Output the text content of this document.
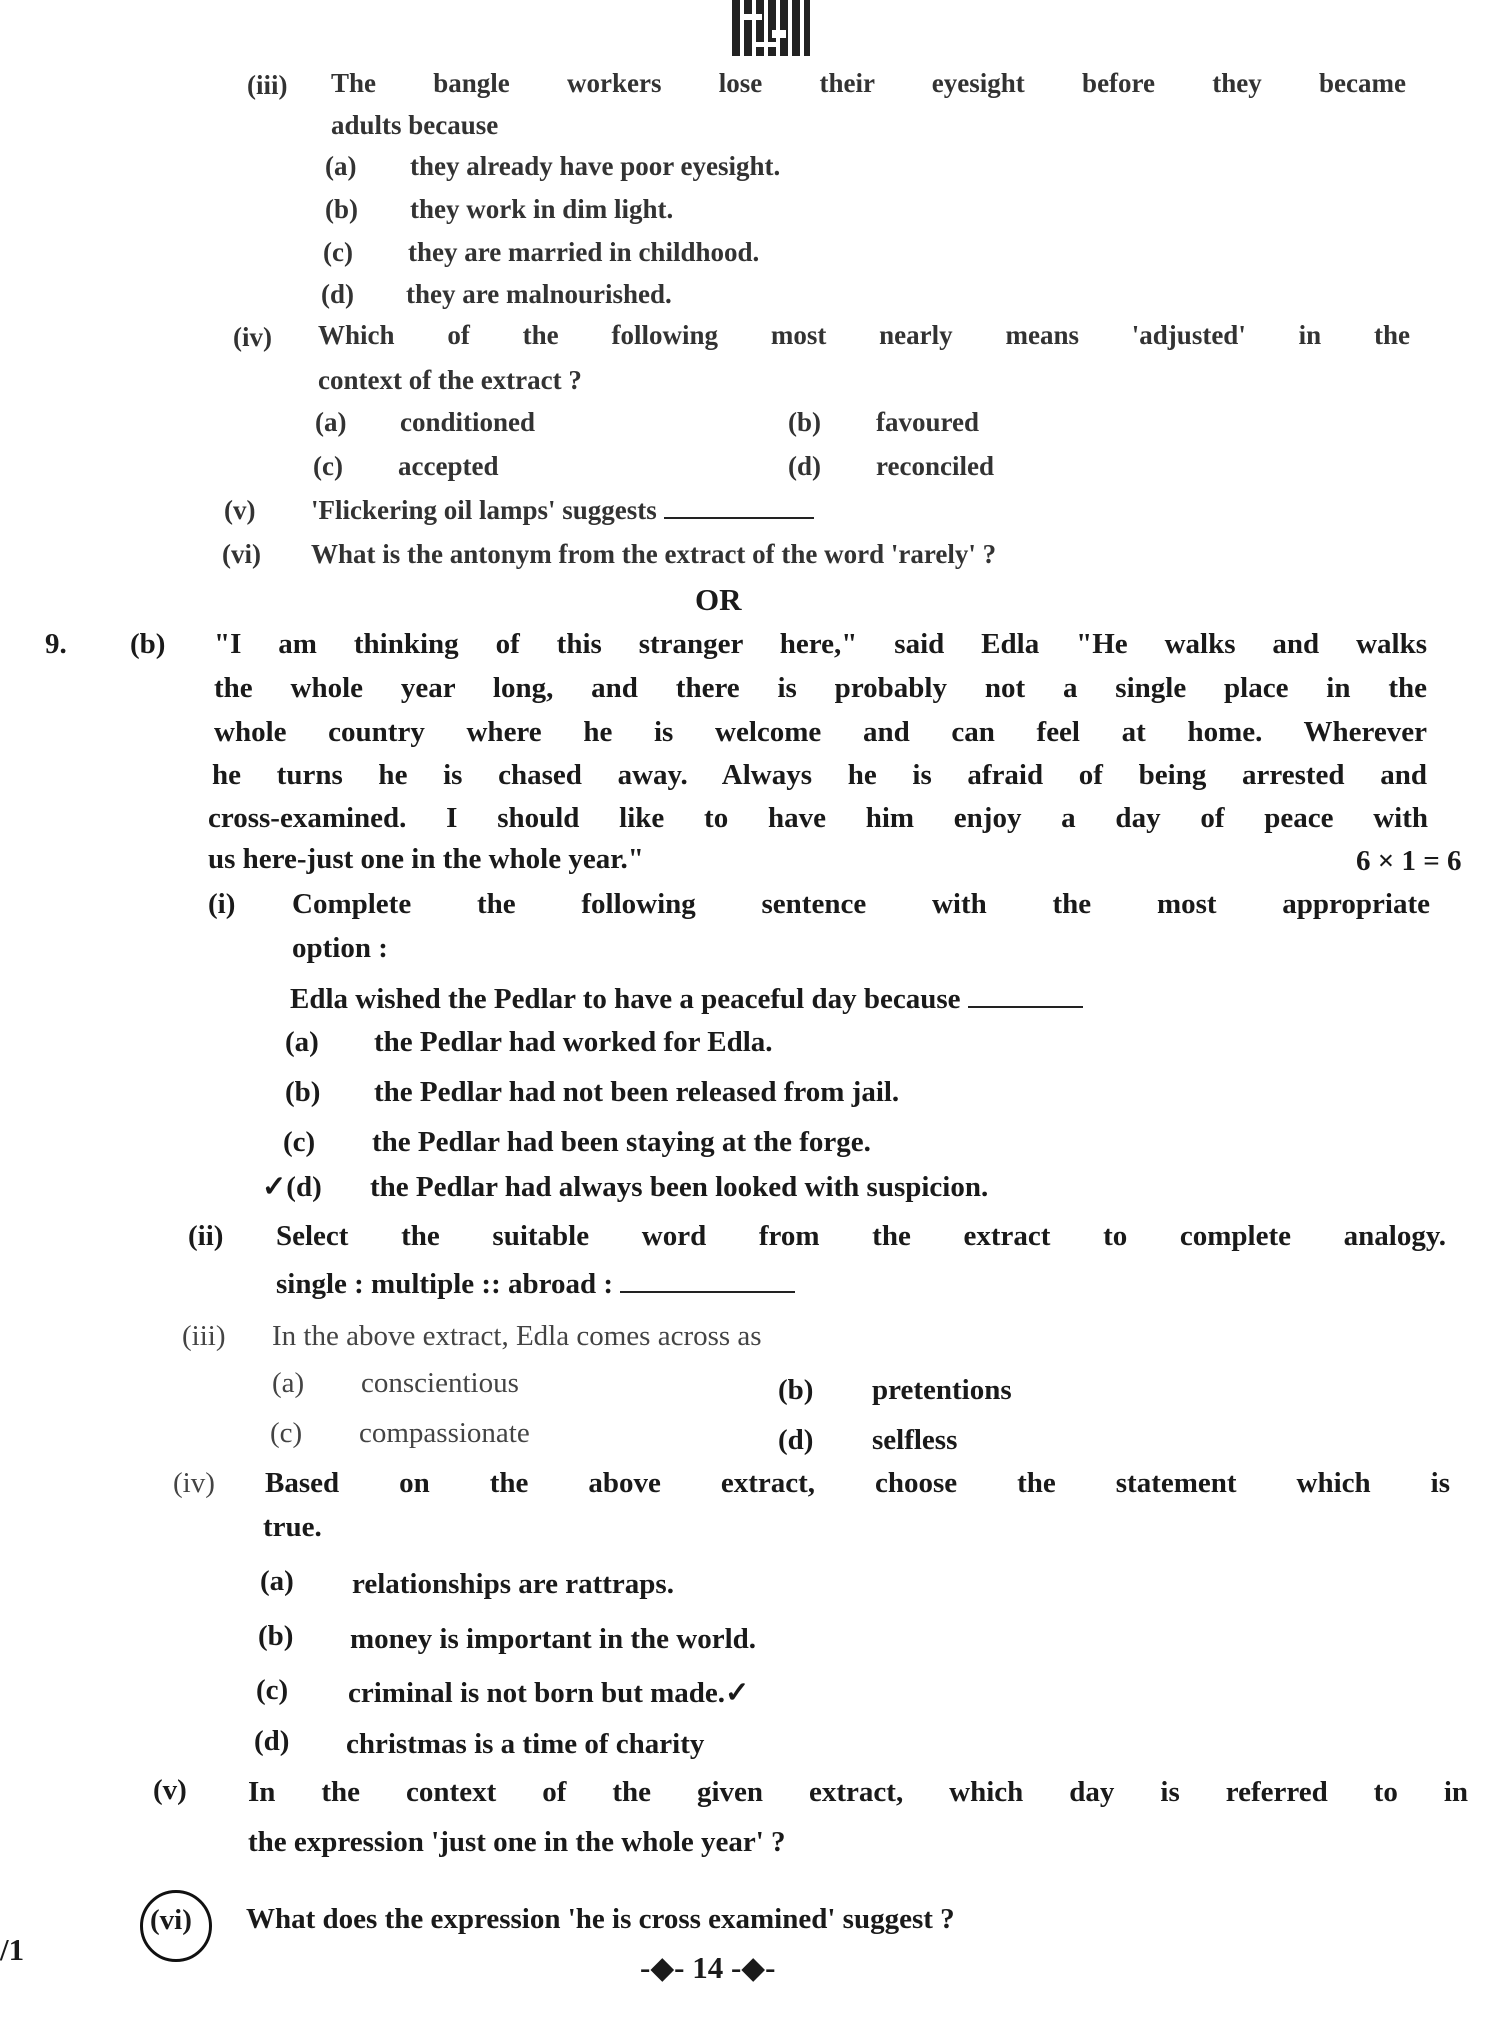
(iii) The bangle workers lose their eyesight before they became
adults because
(a) they already have poor eyesight.
(b) they work in dim light.
(c) they are married in childhood.
(d) they are malnourished.
(iv) Which of the following most nearly means 'adjusted' in the
context of the extract ?
(a) conditioned	(b) favoured
(c) accepted	(d) reconciled
(v) 'Flickering oil lamps' suggests
(vi) What is the antonym from the extract of the word 'rarely' ?
OR
9. (b) "I am thinking of this stranger here," said Edla "He walks and walks
the whole year long, and there is probably not a single place in the
whole country where he is welcome and can feel at home. Wherever
he turns he is chased away. Always he is afraid of being arrested and
cross-examined. I should like to have him enjoy a day of peace with
us here-just one in the whole year."	6 × 1 = 6
(i) Complete the following sentence with the most appropriate
option :
Edla wished the Pedlar to have a peaceful day because
(a) the Pedlar had worked for Edla.
(b) the Pedlar had not been released from jail.
(c) the Pedlar had been staying at the forge.
✓(d) the Pedlar had always been looked with suspicion.
(ii) Select the suitable word from the extract to complete analogy.
single : multiple :: abroad :
(iii) In the above extract, Edla comes across as
(a) conscientious	(b) pretentions
(c) compassionate	(d) selfless
(iv) Based on the above extract, choose the statement which is
true.
(a) relationships are rattraps.
(b) money is important in the world.
(c) criminal is not born but made.✓
(d) christmas is a time of charity
(v) In the context of the given extract, which day is referred to in
the expression 'just one in the whole year' ?
(vi) What does the expression 'he is cross examined' suggest ?
/1
-◆- 14 -◆-
